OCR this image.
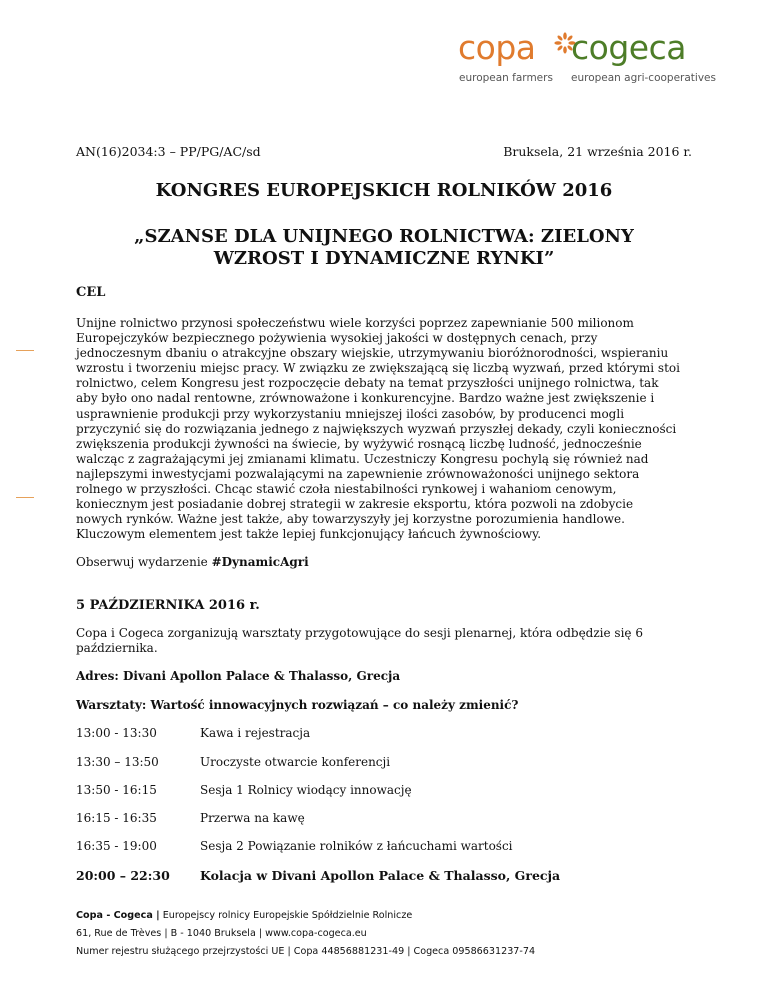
copa cogeca
european farmers european agri-cooperatives
AN(16)2034:3 – PP/PG/AC/sd	Bruksela, 21 września 2016 r.
KONGRES EUROPEJSKICH ROLNIKÓW 2016
„SZANSE DLA UNIJNEGO ROLNICTWA: ZIELONY
WZROST I DYNAMICZNE RYNKI”
CEL
Unijne rolnictwo przynosi społeczeństwu wiele korzyści poprzez zapewnianie 500 milionom Europejczyków bezpiecznego pożywienia wysokiej jakości w dostępnych cenach, przy jednoczesnym dbaniu o atrakcyjne obszary wiejskie, utrzymywaniu bioróżnorodności, wspieraniu wzrostu i tworzeniu miejsc pracy. W związku ze zwiększającą się liczbą wyzwań, przed którymi stoi rolnictwo, celem Kongresu jest rozpoczęcie debaty na temat przyszłości unijnego rolnictwa, tak aby było ono nadal rentowne, zrównoważone i konkurencyjne. Bardzo ważne jest zwiększenie i usprawnienie produkcji przy wykorzystaniu mniejszej ilości zasobów, by producenci mogli przyczynić się do rozwiązania jednego z największych wyzwań przyszłej dekady, czyli konieczności zwiększenia produkcji żywności na świecie, by wyżywić rosnącą liczbę ludność, jednocześnie walcząc z zagrażającymi jej zmianami klimatu. Uczestniczy Kongresu pochylą się również nad najlepszymi inwestycjami pozwalającymi na zapewnienie zrównoważoności unijnego sektora rolnego w przyszłości. Chcąc stawić czoła niestabilności rynkowej i wahaniom cenowym, koniecznym jest posiadanie dobrej strategii w zakresie eksportu, która pozwoli na zdobycie nowych rynków. Ważne jest także, aby towarzyszyły jej korzystne porozumienia handlowe. Kluczowym elementem jest także lepiej funkcjonujący łańcuch żywnościowy.
Obserwuj wydarzenie #DynamicAgri
5 PAŹDZIERNIKA 2016 r.
Copa i Cogeca zorganizują warsztaty przygotowujące do sesji plenarnej, która odbędzie się 6 października.
Adres: Divani Apollon Palace & Thalasso, Grecja
Warsztaty: Wartość innowacyjnych rozwiązań – co należy zmienić?
13:00 - 13:30	Kawa i rejestracja
13:30 – 13:50	Uroczyste otwarcie konferencji
13:50 - 16:15	Sesja 1 Rolnicy wiodący innowację
16:15 - 16:35	Przerwa na kawę
16:35 - 19:00	Sesja 2 Powiązanie rolników z łańcuchami wartości
20:00 – 22:30 Kolacja w Divani Apollon Palace & Thalasso, Grecja
Copa - Cogeca | Europejscy rolnicy Europejskie Spółdzielnie Rolnicze
61, Rue de Trèves | B - 1040 Bruksela | www.copa-cogeca.eu
Numer rejestru służącego przejrzystości UE | Copa 44856881231-49 | Cogeca 09586631237-74
